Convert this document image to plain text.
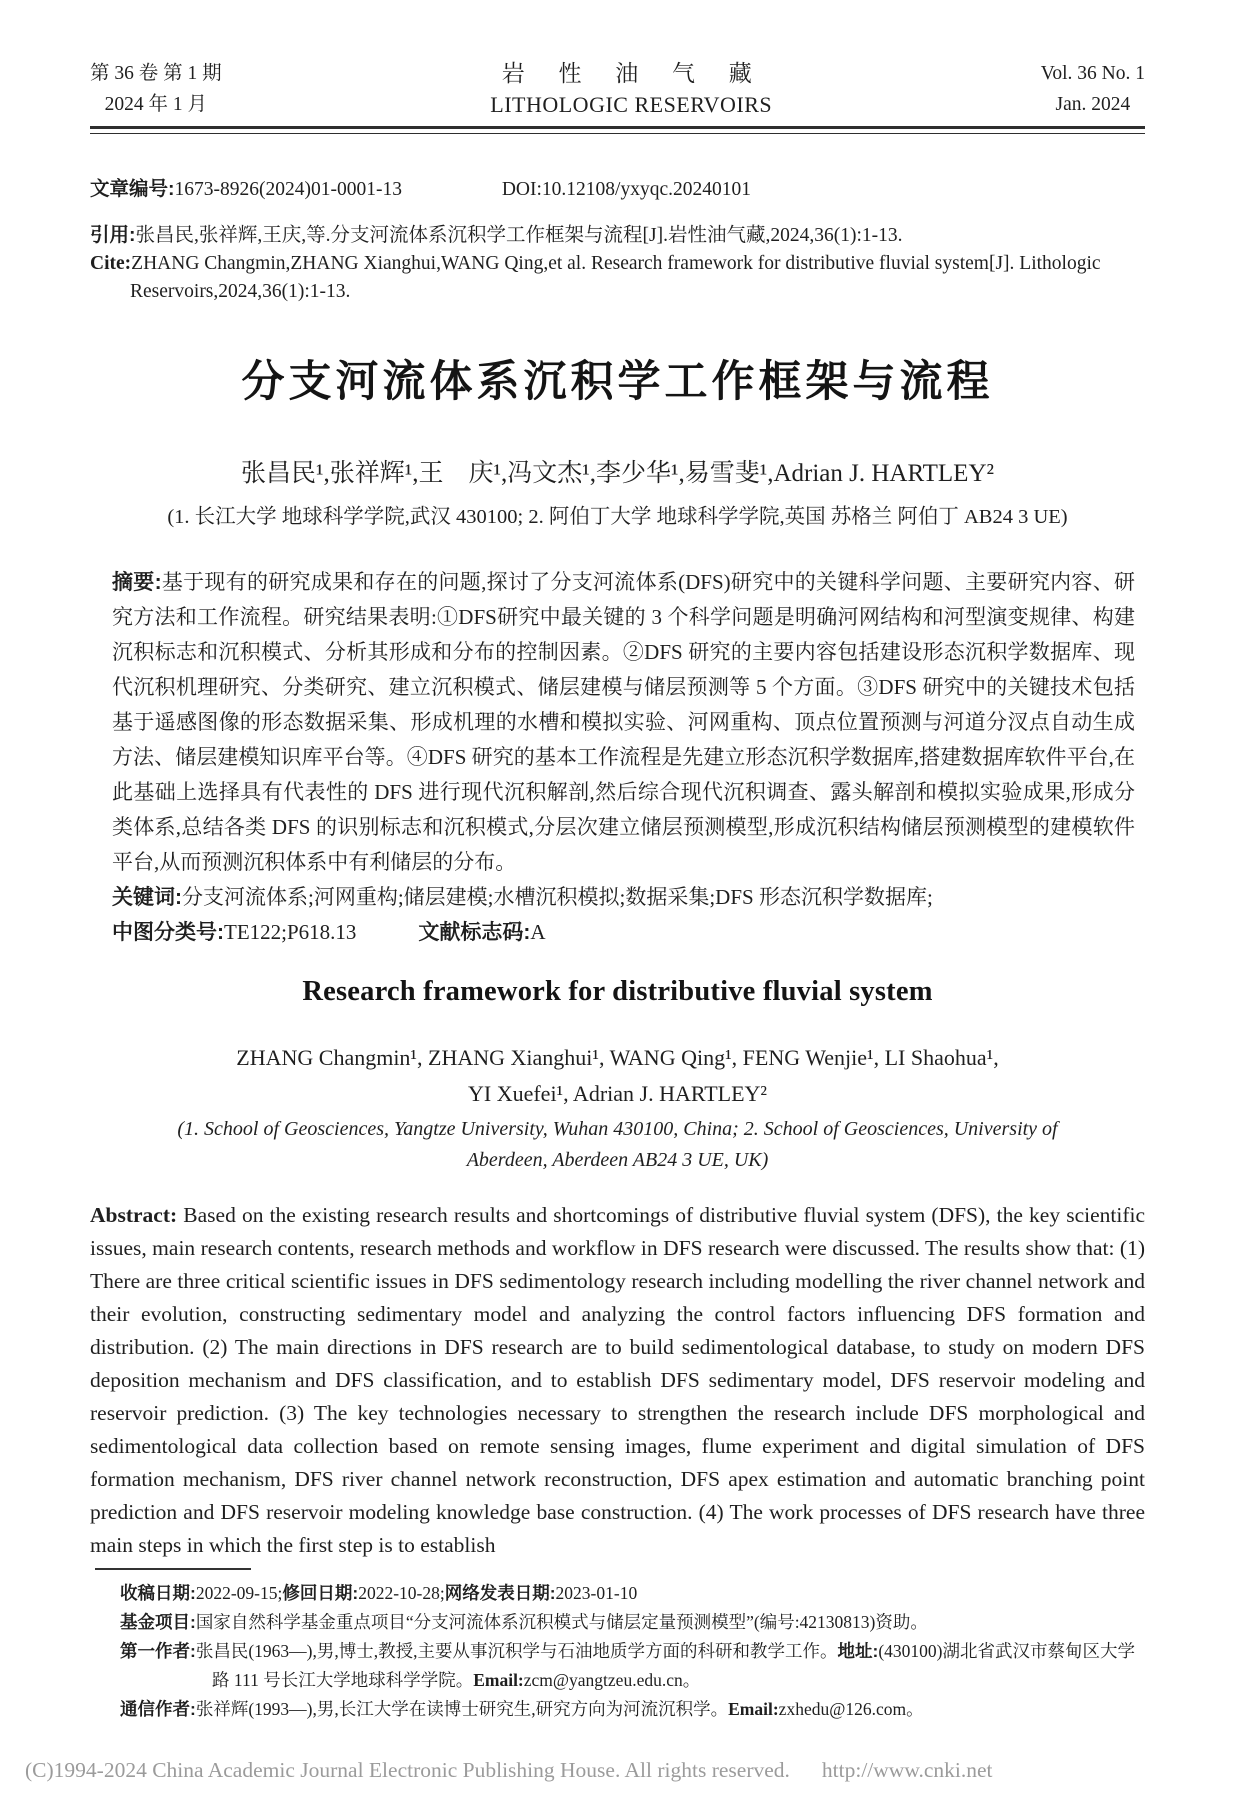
第 36 卷 第 1 期
2024 年 1 月
岩 性 油 气 藏
LITHOLOGIC RESERVOIRS
Vol. 36 No. 1
Jan. 2024
文章编号:1673-8926(2024)01-0001-13	DOI:10.12108/yxyqc.20240101
引用:张昌民,张祥辉,王庆,等.分支河流体系沉积学工作框架与流程[J].岩性油气藏,2024,36(1):1-13.
Cite:ZHANG Changmin,ZHANG Xianghui,WANG Qing,et al. Research framework for distributive fluvial system[J]. Lithologic Reservoirs,2024,36(1):1-13.
分支河流体系沉积学工作框架与流程
张昌民¹,张祥辉¹,王　庆¹,冯文杰¹,李少华¹,易雪斐¹,Adrian J. HARTLEY²
(1. 长江大学 地球科学学院,武汉 430100; 2. 阿伯丁大学 地球科学学院,英国 苏格兰 阿伯丁 AB24 3 UE)
摘要:基于现有的研究成果和存在的问题,探讨了分支河流体系(DFS)研究中的关键科学问题、主要研究内容、研究方法和工作流程。研究结果表明:①DFS研究中最关键的 3 个科学问题是明确河网结构和河型演变规律、构建沉积标志和沉积模式、分析其形成和分布的控制因素。②DFS 研究的主要内容包括建设形态沉积学数据库、现代沉积机理研究、分类研究、建立沉积模式、储层建模与储层预测等 5 个方面。③DFS 研究中的关键技术包括基于遥感图像的形态数据采集、形成机理的水槽和模拟实验、河网重构、顶点位置预测与河道分汊点自动生成方法、储层建模知识库平台等。④DFS 研究的基本工作流程是先建立形态沉积学数据库,搭建数据库软件平台,在此基础上选择具有代表性的 DFS 进行现代沉积解剖,然后综合现代沉积调查、露头解剖和模拟实验成果,形成分类体系,总结各类 DFS 的识别标志和沉积模式,分层次建立储层预测模型,形成沉积结构储层预测模型的建模软件平台,从而预测沉积体系中有利储层的分布。
关键词:分支河流体系;河网重构;储层建模;水槽沉积模拟;数据采集;DFS 形态沉积学数据库;
中图分类号:TE122;P618.13	文献标志码:A
Research framework for distributive fluvial system
ZHANG Changmin¹, ZHANG Xianghui¹, WANG Qing¹, FENG Wenjie¹, LI Shaohua¹,
YI Xuefei¹, Adrian J. HARTLEY²
(1. School of Geosciences, Yangtze University, Wuhan 430100, China; 2. School of Geosciences, University of Aberdeen, Aberdeen AB24 3 UE, UK)
Abstract: Based on the existing research results and shortcomings of distributive fluvial system (DFS), the key scientific issues, main research contents, research methods and workflow in DFS research were discussed. The results show that: (1) There are three critical scientific issues in DFS sedimentology research including modelling the river channel network and their evolution, constructing sedimentary model and analyzing the control factors influencing DFS formation and distribution. (2) The main directions in DFS research are to build sedimentological database, to study on modern DFS deposition mechanism and DFS classification, and to establish DFS sedimentary model, DFS reservoir modeling and reservoir prediction. (3) The key technologies necessary to strengthen the research include DFS morphological and sedimentological data collection based on remote sensing images, flume experiment and digital simulation of DFS formation mechanism, DFS river channel network reconstruction, DFS apex estimation and automatic branching point prediction and DFS reservoir modeling knowledge base construction. (4) The work processes of DFS research have three main steps in which the first step is to establish
收稿日期:2022-09-15;修回日期:2022-10-28;网络发表日期:2023-01-10
基金项目:国家自然科学基金重点项目“分支河流体系沉积模式与储层定量预测模型”(编号:42130813)资助。
第一作者:张昌民(1963—),男,博士,教授,主要从事沉积学与石油地质学方面的科研和教学工作。地址:(430100)湖北省武汉市蔡甸区大学路 111 号长江大学地球科学学院。Email:zcm@yangtzeu.edu.cn。
通信作者:张祥辉(1993—),男,长江大学在读博士研究生,研究方向为河流沉积学。Email:zxhedu@126.com。
(C)1994-2024 China Academic Journal Electronic Publishing House. All rights reserved. http://www.cnki.net
